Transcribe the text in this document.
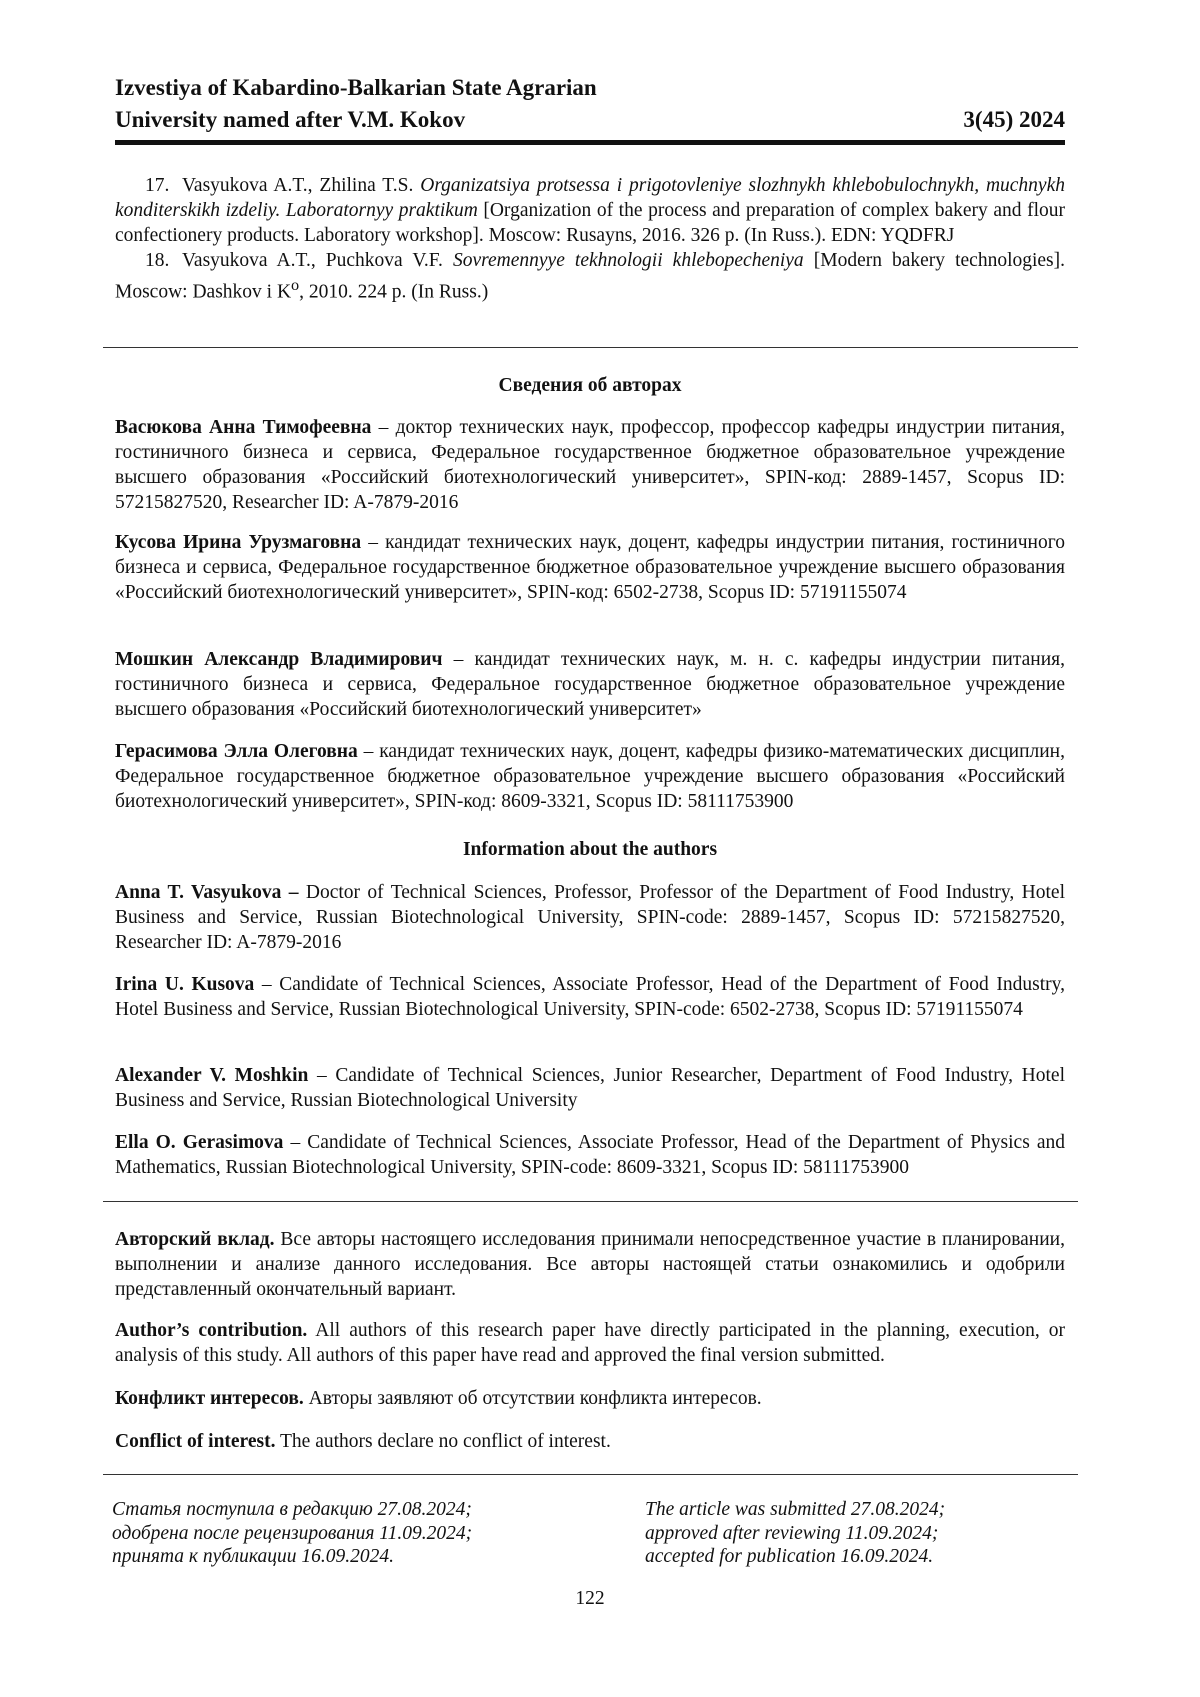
Izvestiya of Kabardino-Balkarian State Agrarian
University named after V.M. Kokov	3(45) 2024

17. Vasyukova A.T., Zhilina T.S. Organizatsiya protsessa i prigotovleniye slozhnykh khlebobulochnykh, muchnykh konditerskikh izdeliy. Laboratornyy praktikum [Organization of the process and preparation of complex bakery and flour confectionery products. Laboratory workshop]. Moscow: Rusayns, 2016. 326 p. (In Russ.). EDN: YQDFRJ

18. Vasyukova A.T., Puchkova V.F. Sovremennyye tekhnologii khlebopecheniya [Modern bakery technologies]. Moscow: Dashkov i Ko, 2010. 224 p. (In Russ.)

Сведения об авторах

Васюкова Анна Тимофеевна – доктор технических наук, профессор, профессор кафедры индустрии питания, гостиничного бизнеса и сервиса, Федеральное государственное бюджетное образовательное учреждение высшего образования «Российский биотехнологический университет», SPIN-код: 2889-1457, Scopus ID: 57215827520, Researcher ID: A-7879-2016

Кусова Ирина Урузмаговна – кандидат технических наук, доцент, кафедры индустрии питания, гостиничного бизнеса и сервиса, Федеральное государственное бюджетное образовательное учреждение высшего образования «Российский биотехнологический университет», SPIN-код: 6502-2738, Scopus ID: 57191155074

Мошкин Александр Владимирович – кандидат технических наук, м. н. с. кафедры индустрии питания, гостиничного бизнеса и сервиса, Федеральное государственное бюджетное образовательное учреждение высшего образования «Российский биотехнологический университет»

Герасимова Элла Олеговна – кандидат технических наук, доцент, кафедры физико-математических дисциплин, Федеральное государственное бюджетное образовательное учреждение высшего образования «Российский биотехнологический университет», SPIN-код: 8609-3321, Scopus ID: 58111753900

Information about the authors

Anna T. Vasyukova – Doctor of Technical Sciences, Professor, Professor of the Department of Food Industry, Hotel Business and Service, Russian Biotechnological University, SPIN-code: 2889-1457, Scopus ID: 57215827520, Researcher ID: A-7879-2016

Irina U. Kusova – Candidate of Technical Sciences, Associate Professor, Head of the Department of Food Industry, Hotel Business and Service, Russian Biotechnological University, SPIN-code: 6502-2738, Scopus ID: 57191155074

Alexander V. Moshkin – Candidate of Technical Sciences, Junior Researcher, Department of Food Industry, Hotel Business and Service, Russian Biotechnological University

Ella O. Gerasimova – Candidate of Technical Sciences, Associate Professor, Head of the Department of Physics and Mathematics, Russian Biotechnological University, SPIN-code: 8609-3321, Scopus ID: 58111753900

Авторский вклад. Все авторы настоящего исследования принимали непосредственное участие в планировании, выполнении и анализе данного исследования. Все авторы настоящей статьи ознакомились и одобрили представленный окончательный вариант.

Author’s contribution. All authors of this research paper have directly participated in the planning, execution, or analysis of this study. All authors of this paper have read and approved the final version submitted.

Конфликт интересов. Авторы заявляют об отсутствии конфликта интересов.

Conflict of interest. The authors declare no conflict of interest.

Статья поступила в редакцию 27.08.2024;

одобрена после рецензирования 11.09.2024;

принята к публикации 16.09.2024.

The article was submitted 27.08.2024;

approved after reviewing 11.09.2024;

accepted for publication 16.09.2024.

122
